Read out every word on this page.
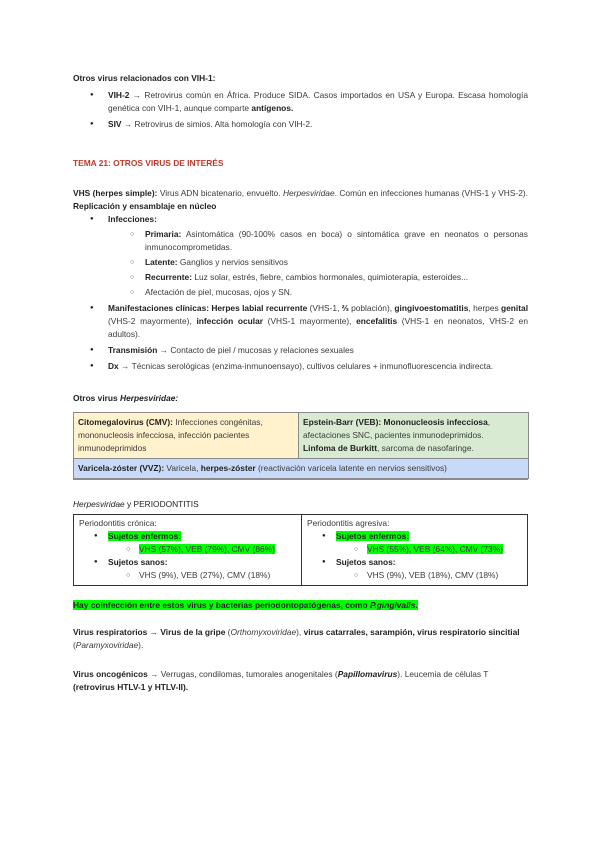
Otros virus relacionados con VIH-1:

● VIH-2 → Retrovirus común en África. Produce SIDA. Casos importados en USA y Europa. Escasa homología genética con VIH-1, aunque comparte antígenos.
● SIV → Retrovirus de simios. Alta homología con VIH-2.

TEMA 21: OTROS VIRUS DE INTERÉS

VHS (herpes simple): Virus ADN bicatenario, envuelto. Herpesviridae. Común en infecciones humanas (VHS-1 y VHS-2). Replicación y ensamblaje en núcleo

● Infecciones:
○ Primaria: Asintomática (90-100% casos en boca) o sintomática grave en neonatos o personas inmunocomprometidas.
○ Latente: Ganglios y nervios sensitivos
○ Recurrente: Luz solar, estrés, fiebre, cambios hormonales, quimioterapia, esteroides...
○ Afectación de piel, mucosas, ojos y SN.
● Manifestaciones clínicas: Herpes labial recurrente (VHS-1, ⅔ población), gingivoestomatitis, herpes genital (VHS-2 mayormente), infección ocular (VHS-1 mayormente), encefalitis (VHS-1 en neonatos, VHS-2 en adultos).
● Transmisión → Contacto de piel / mucosas y relaciones sexuales
● Dx → Técnicas serológicas (enzima-inmunoensayo), cultivos celulares + inmunofluorescencia indirecta.

Otros virus Herpesviridae:

Citomegalovirus (CMV): Infecciones congénitas, mononucleosis infecciosa, infección pacientes inmunodeprimidos
Epstein-Barr (VEB): Mononucleosis infecciosa, afectaciones SNC, pacientes inmunodeprimidos.
Linfoma de Burkitt, sarcoma de nasofaringe.
Varicela-zóster (VVZ): Varicela, herpes-zóster (reactivación varicela latente en nervios sensitivos)

Herpesviridae y PERIODONTITIS

Periodontitis crónica:

● Sujetos enfermos:
○ VHS (57%), VEB (79%), CMV (86%)
● Sujetos sanos:
○ VHS (9%), VEB (27%), CMV (18%)

Periodontitis agresiva:

● Sujetos enfermos:
○ VHS (55%), VEB (64%), CMV (73%)
● Sujetos sanos:
○ VHS (9%), VEB (18%), CMV (18%)

Hay coinfección entre estos virus y bacterias periodontopatógenas, como P.gingivalis.

Virus respiratorios → Virus de la gripe (Orthomyxoviridae), virus catarrales, sarampión, virus respiratorio sincitial (Paramyxoviridae).

Virus oncogénicos → Verrugas, condilomas, tumorales anogenitales (Papillomavirus). Leucemia de células T (retrovirus HTLV-1 y HTLV-II).
